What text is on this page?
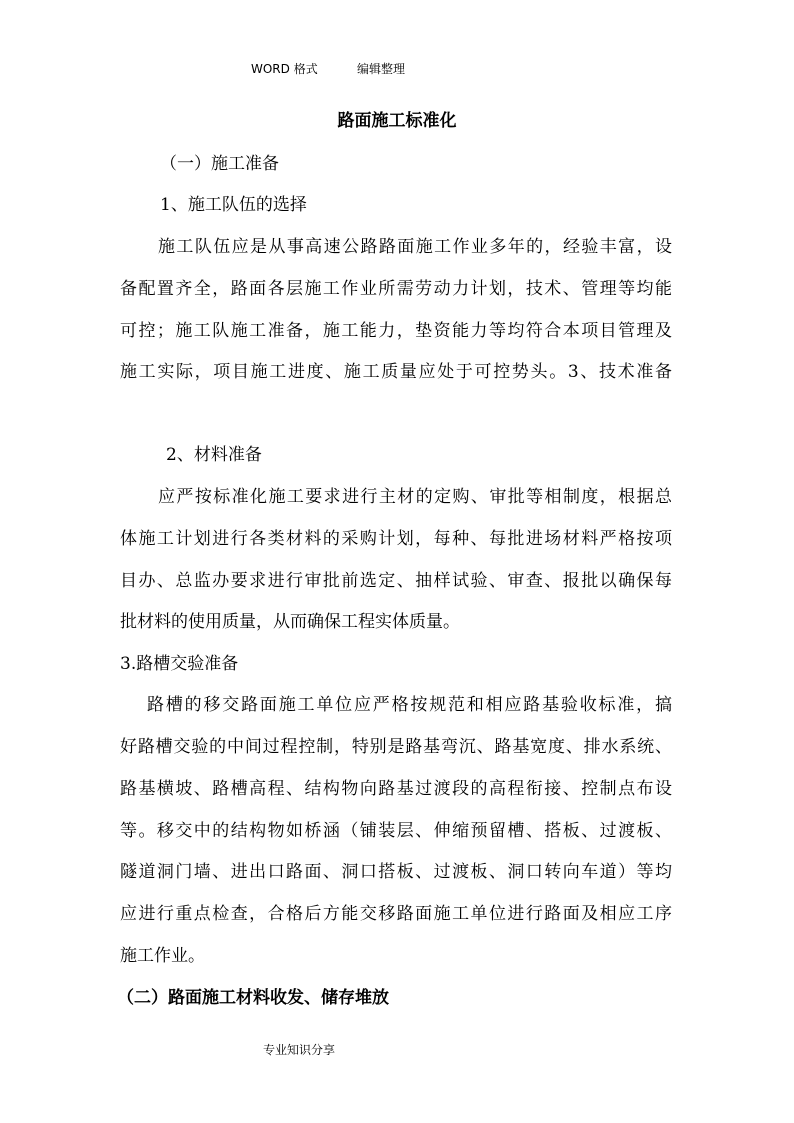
WORD 格式	编辑整理
路面施工标准化
（一）施工准备
1、施工队伍的选择
施工队伍应是从事高速公路路面施工作业多年的，经验丰富，设
备配置齐全，路面各层施工作业所需劳动力计划，技术、管理等均能
可控；施工队施工准备，施工能力，垫资能力等均符合本项目管理及
施工实际，项目施工进度、施工质量应处于可控势头。3、技术准备
2、材料准备
应严按标准化施工要求进行主材的定购、审批等相制度，根据总
体施工计划进行各类材料的采购计划，每种、每批进场材料严格按项
目办、总监办要求进行审批前选定、抽样试验、审查、报批以确保每
批材料的使用质量，从而确保工程实体质量。
3.路槽交验准备
路槽的移交路面施工单位应严格按规范和相应路基验收标准，搞
好路槽交验的中间过程控制，特别是路基弯沉、路基宽度、排水系统、
路基横坡、路槽高程、结构物向路基过渡段的高程衔接、控制点布设
等。移交中的结构物如桥涵（铺装层、伸缩预留槽、搭板、过渡板、
隧道洞门墙、进出口路面、洞口搭板、过渡板、洞口转向车道）等均
应进行重点检查，合格后方能交移路面施工单位进行路面及相应工序
施工作业。
（二）路面施工材料收发、储存堆放
专业知识分享
